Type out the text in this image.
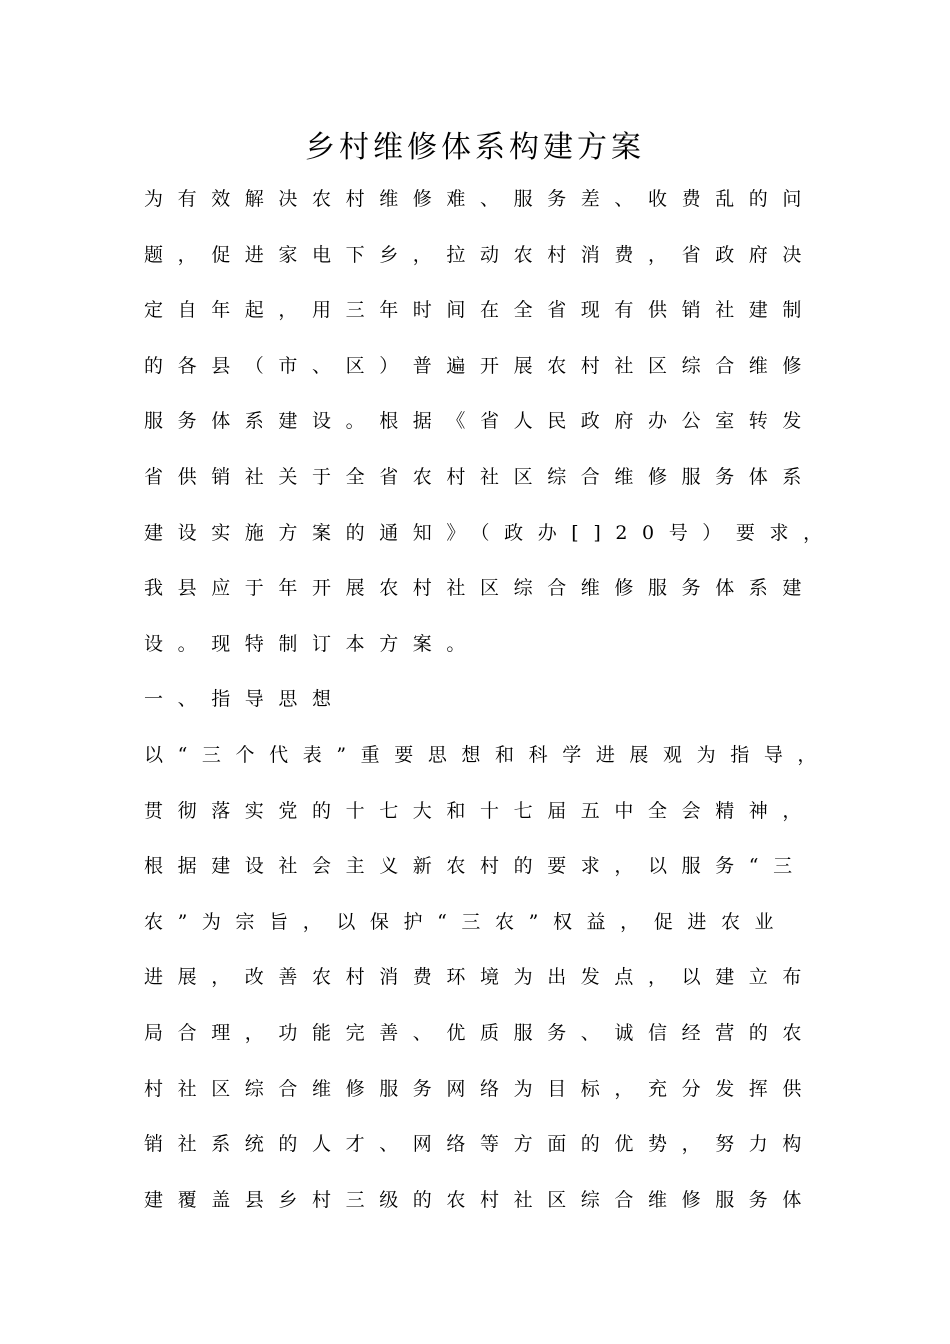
乡村维修体系构建方案
为有效解决农村维修难、服务差、收费乱的问
题，促进家电下乡，拉动农村消费，省政府决
定自年起，用三年时间在全省现有供销社建制
的各县（市、区）普遍开展农村社区综合维修
服务体系建设。根据《省人民政府办公室转发
省供销社关于全省农村社区综合维修服务体系
建设实施方案的通知》（政办[]20号）要求，
我县应于年开展农村社区综合维修服务体系建
设。现特制订本方案。
一、指导思想
以“三个代表”重要思想和科学进展观为指导，
贯彻落实党的十七大和十七届五中全会精神，
根据建设社会主义新农村的要求，以服务“三
农”为宗旨，以保护“三农”权益，促进农业
进展，改善农村消费环境为出发点，以建立布
局合理，功能完善、优质服务、诚信经营的农
村社区综合维修服务网络为目标，充分发挥供
销社系统的人才、网络等方面的优势，努力构
建覆盖县乡村三级的农村社区综合维修服务体
